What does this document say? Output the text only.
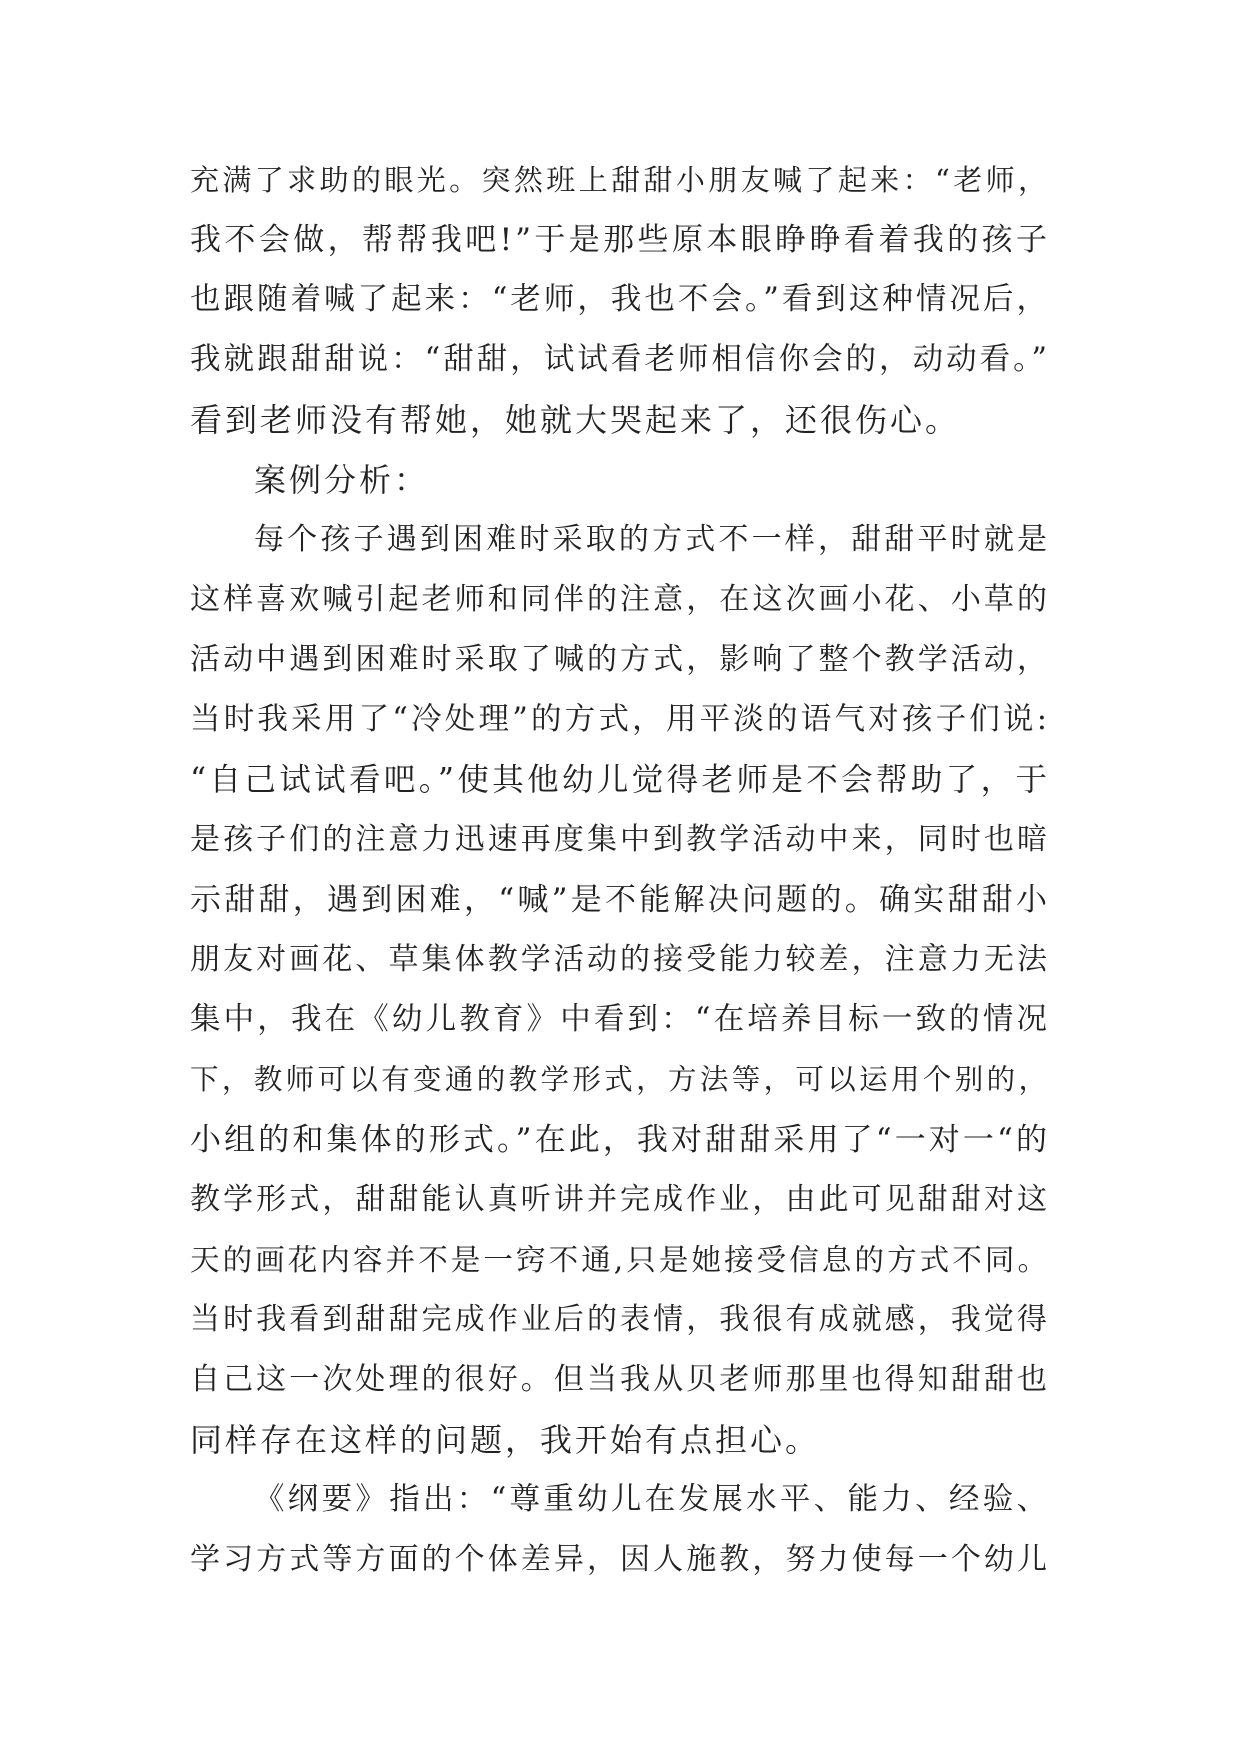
充满了求助的眼光。突然班上甜甜小朋友喊了起来：“老师，
我不会做，帮帮我吧!”于是那些原本眼睁睁看着我的孩子
也跟随着喊了起来：“老师，我也不会。”看到这种情况后，
我就跟甜甜说：“甜甜，试试看老师相信你会的，动动看。”
看到老师没有帮她，她就大哭起来了，还很伤心。
案例分析：
每个孩子遇到困难时采取的方式不一样，甜甜平时就是
这样喜欢喊引起老师和同伴的注意，在这次画小花、小草的
活动中遇到困难时采取了喊的方式，影响了整个教学活动，
当时我采用了“冷处理”的方式，用平淡的语气对孩子们说:
“自己试试看吧。”使其他幼儿觉得老师是不会帮助了，于
是孩子们的注意力迅速再度集中到教学活动中来，同时也暗
示甜甜，遇到困难，“喊”是不能解决问题的。确实甜甜小
朋友对画花、草集体教学活动的接受能力较差，注意力无法
集中，我在《幼儿教育》中看到：“在培养目标一致的情况
下，教师可以有变通的教学形式，方法等，可以运用个别的，
小组的和集体的形式。”在此，我对甜甜采用了“一对一“的
教学形式，甜甜能认真听讲并完成作业，由此可见甜甜对这
天的画花内容并不是一窍不通,只是她接受信息的方式不同。
当时我看到甜甜完成作业后的表情，我很有成就感，我觉得
自己这一次处理的很好。但当我从贝老师那里也得知甜甜也
同样存在这样的问题，我开始有点担心。
《纲要》指出：“尊重幼儿在发展水平、能力、经验、
学习方式等方面的个体差异，因人施教，努力使每一个幼儿
